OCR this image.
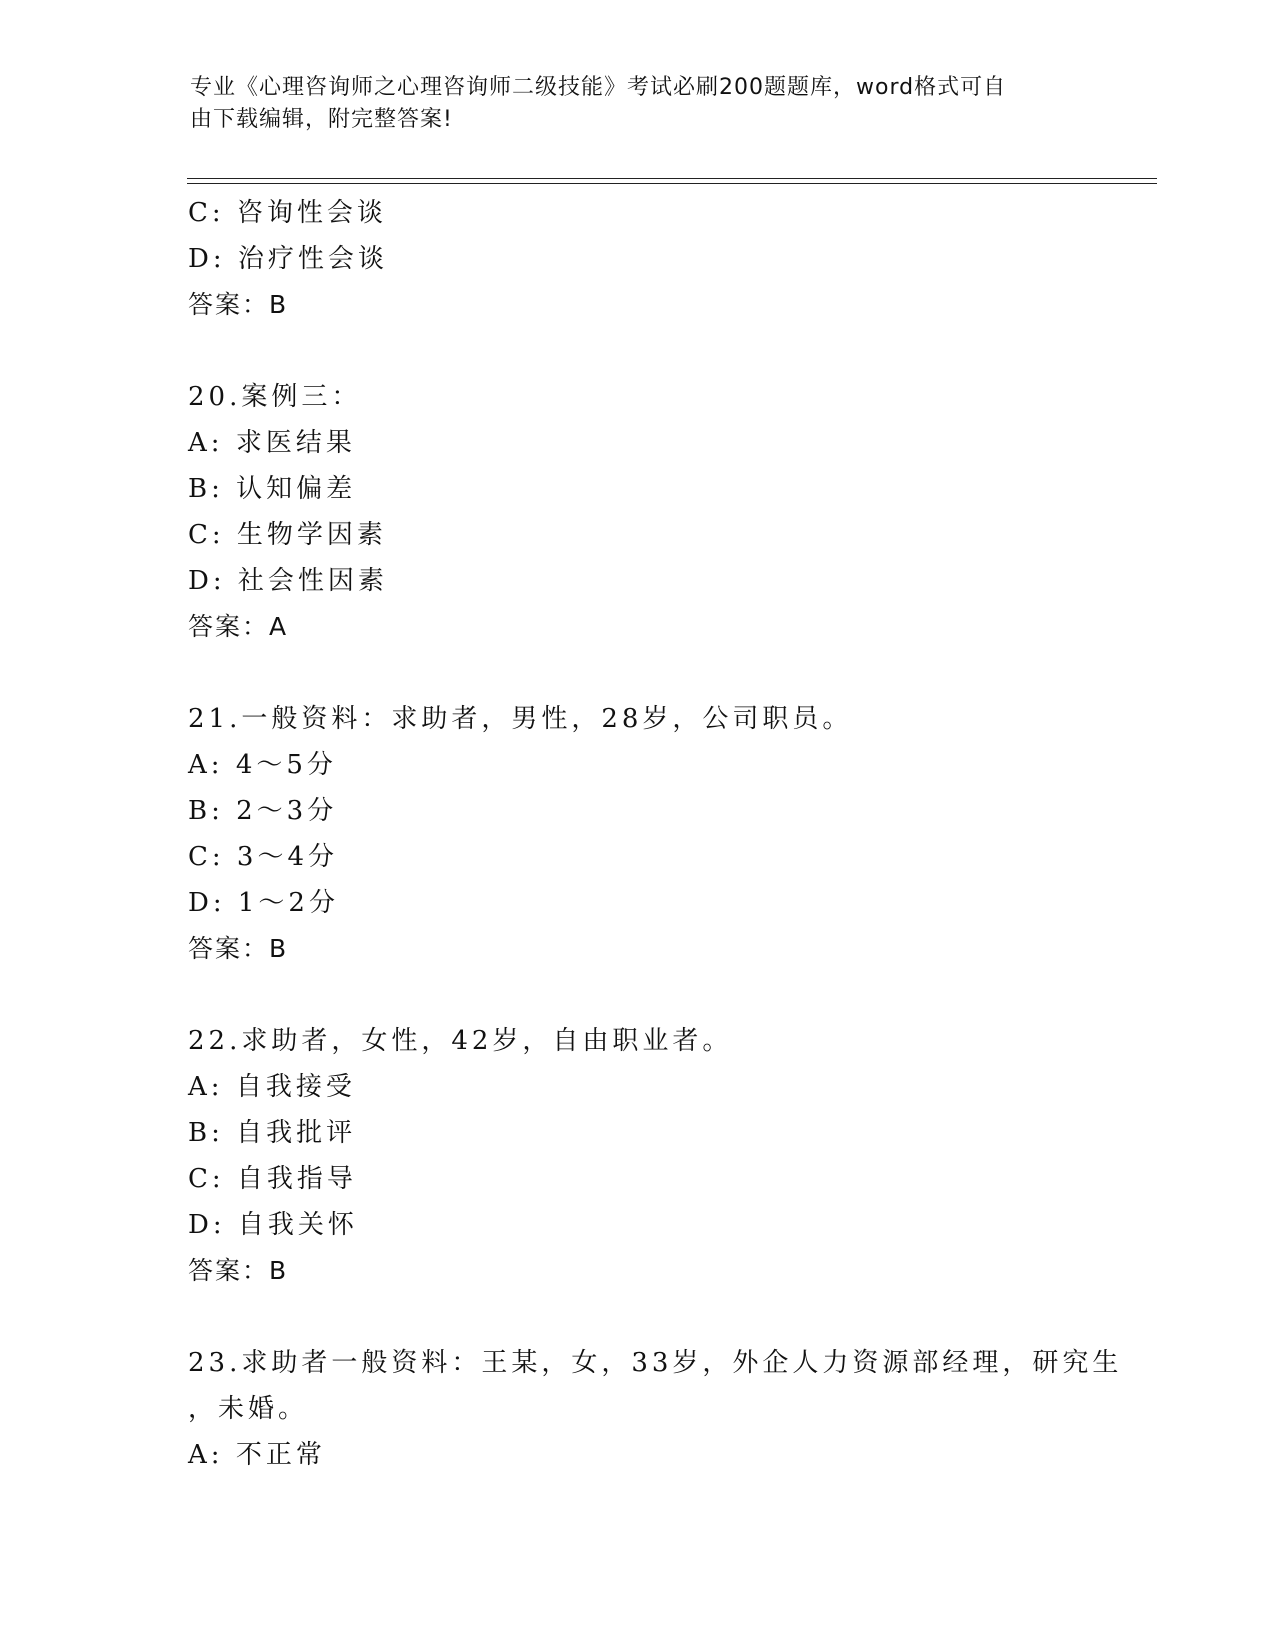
专业《心理咨询师之心理咨询师二级技能》考试必刷200题题库，word格式可自
由下载编辑，附完整答案!
C: 咨询性会谈
D: 治疗性会谈
答案：B
20.案例三：
A: 求医结果
B: 认知偏差
C: 生物学因素
D: 社会性因素
答案：A
21.一般资料：求助者，男性，28岁，公司职员。
A: 4～5分
B: 2～3分
C: 3～4分
D: 1～2分
答案：B
22.求助者，女性，42岁，自由职业者。
A: 自我接受
B: 自我批评
C: 自我指导
D: 自我关怀
答案：B
23.求助者一般资料：王某，女，33岁，外企人力资源部经理，研究生
，未婚。
A: 不正常
